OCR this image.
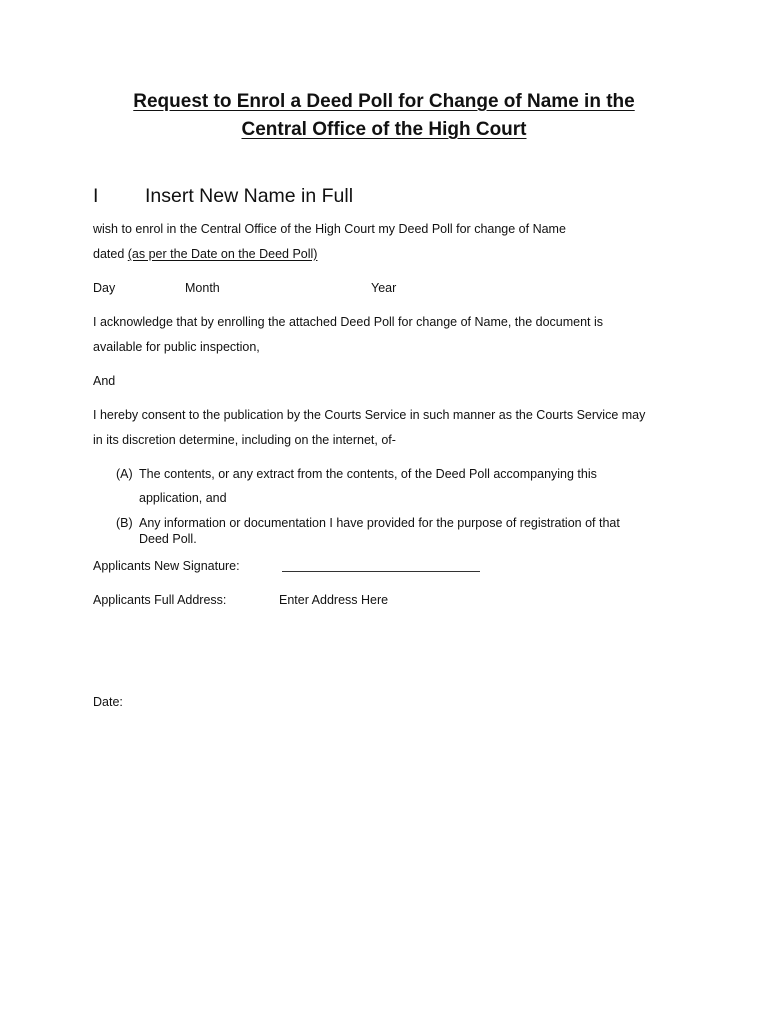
Request to Enrol a Deed Poll for Change of Name in the
Central Office of the High Court
I Insert New Name in Full

wish to enrol in the Central Office of the High Court my Deed Poll for change of Name

dated (as per the Date on the Deed Poll)

Day	Month	Year

I acknowledge that by enrolling the attached Deed Poll for change of Name, the document is

available for public inspection,

And

I hereby consent to the publication by the Courts Service in such manner as the Courts Service may

in its discretion determine, including on the internet, of-

(A) The contents, or any extract from the contents, of the Deed Poll accompanying this
application, and
(B) Any information or documentation I have provided for the purpose of registration of that
Deed Poll.
Applicants New Signature:
Applicants Full Address:	Enter Address Here
Date:
